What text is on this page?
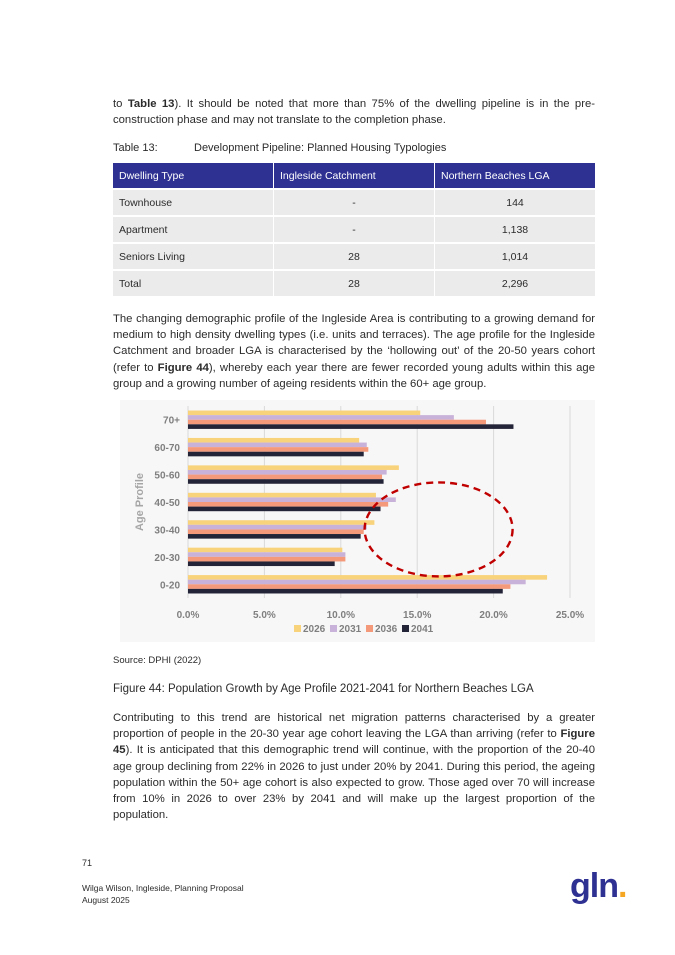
to Table 13). It should be noted that more than 75% of the dwelling pipeline is in the pre-construction phase and may not translate to the completion phase.

Table 13:	Development Pipeline: Planned Housing Typologies
Dwelling Type	Ingleside Catchment	Northern Beaches LGA
Townhouse	-	144
Apartment	-	1,138
Seniors Living	28	1,014
Total	28	2,296

The changing demographic profile of the Ingleside Area is contributing to a growing demand for medium to high density dwelling types (i.e. units and terraces). The age profile for the Ingleside Catchment and broader LGA is characterised by the ‘hollowing out’ of the 20-50 years cohort (refer to Figure 44), whereby each year there are fewer recorded young adults within this age group and a growing number of ageing residents within the 60+ age group.

0.0%	5.0%	10.0%	15.0%	20.0%	25.0%
70+
60-70
50-60
40-50
30-40
20-30
0-20
Age Profile
2026 2031 2036 2041
Source: DPHI (2022)
Figure 44: Population Growth by Age Profile 2021-2041 for Northern Beaches LGA

Contributing to this trend are historical net migration patterns characterised by a greater proportion of people in the 20-30 year age cohort leaving the LGA than arriving (refer to Figure 45). It is anticipated that this demographic trend will continue, with the proportion of the 20-40 age group declining from 22% in 2026 to just under 20% by 2041. During this period, the ageing population within the 50+ age cohort is also expected to grow. Those aged over 70 will increase from 10% in 2026 to over 23% by 2041 and will make up the largest proportion of the population.

71
Wilga Wilson, Ingleside, Planning Proposal
August 2025	gln.
